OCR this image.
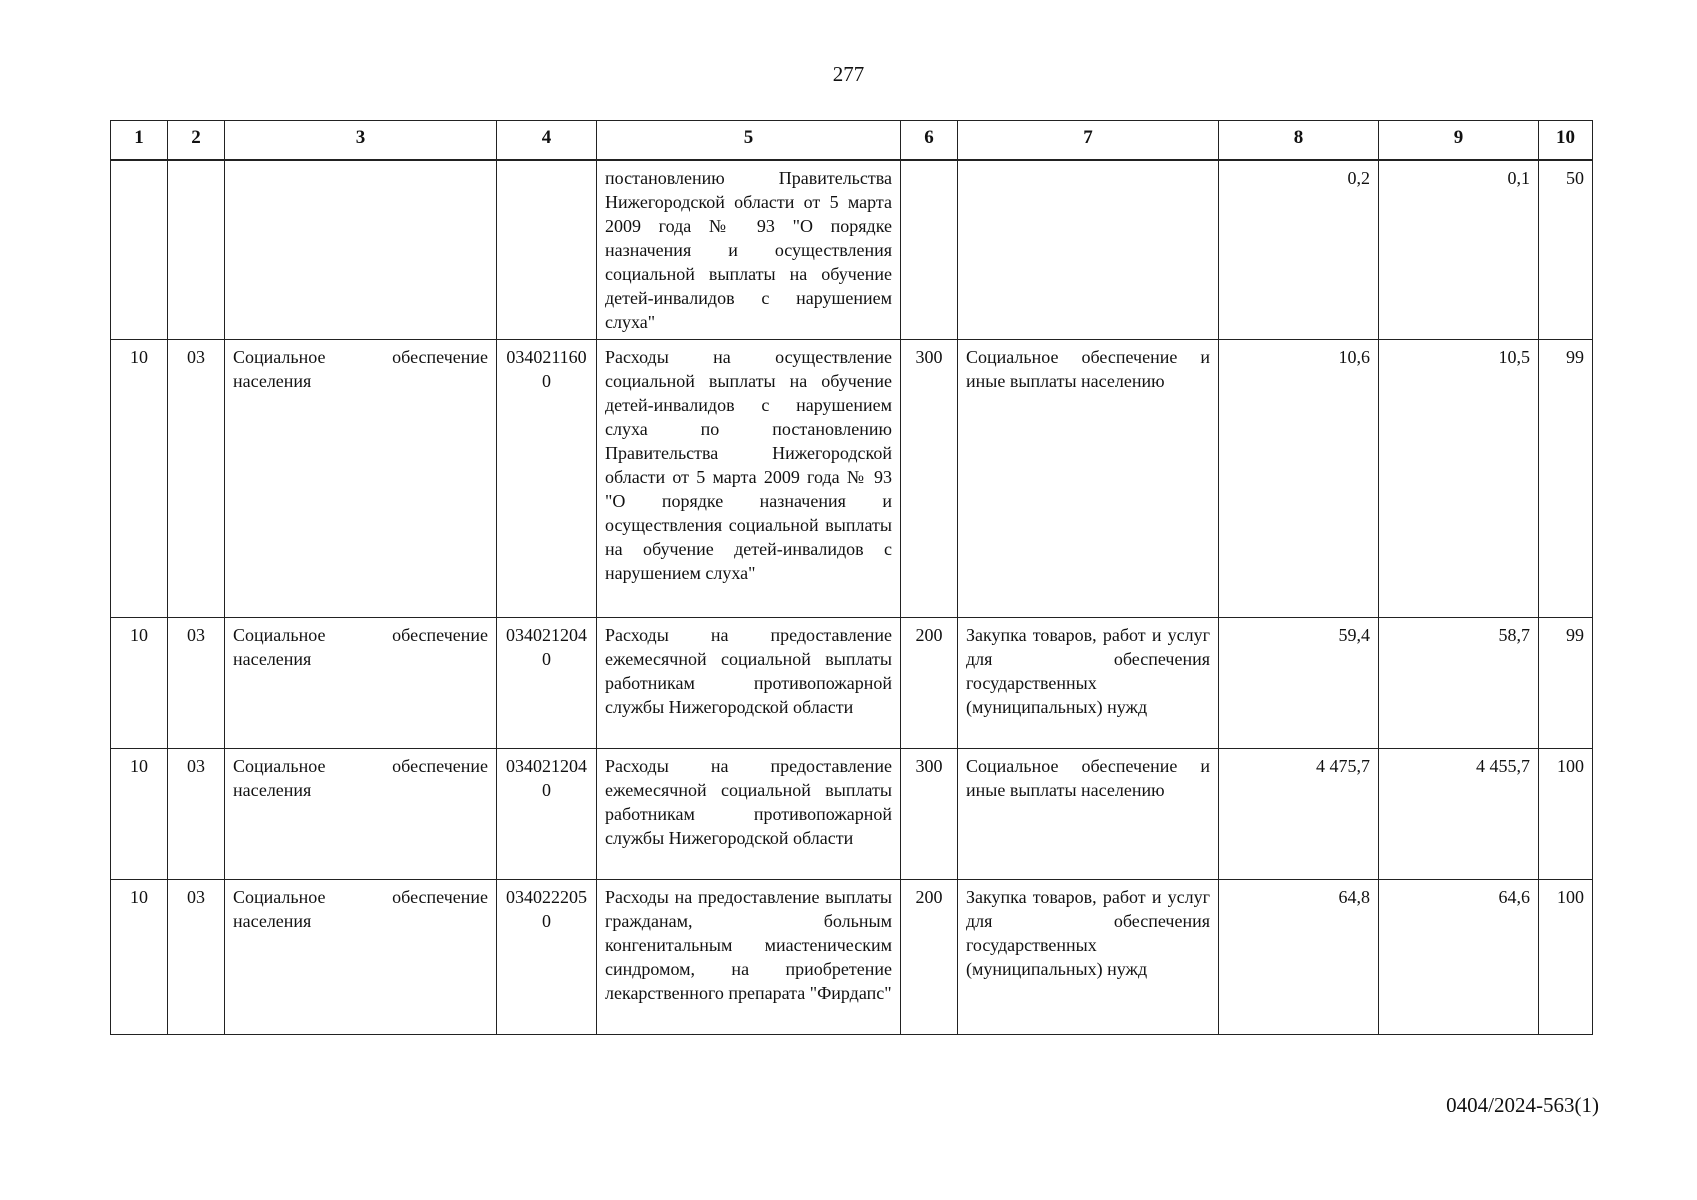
277
1	2	3	4	5	6	7	8	9	10
				постановлению Правительства Нижегородской области от 5 марта 2009 года № 93 "О порядке назначения и осуществления социальной выплаты на обучение детей-инвалидов с нарушением слуха"			0,2	0,1	50
10	03	Социальное обеспечение населения	0340211600	Расходы на осуществление социальной выплаты на обучение детей-инвалидов с нарушением слуха по постановлению Правительства Нижегородской области от 5 марта 2009 года № 93 "О порядке назначения и осуществления социальной выплаты на обучение детей-инвалидов с нарушением слуха"	300	Социальное обеспечение и иные выплаты населению	10,6	10,5	99
10	03	Социальное обеспечение населения	0340212040	Расходы на предоставление ежемесячной социальной выплаты работникам противопожарной службы Нижегородской области	200	Закупка товаров, работ и услуг для обеспечения государственных (муниципальных) нужд	59,4	58,7	99
10	03	Социальное обеспечение населения	0340212040	Расходы на предоставление ежемесячной социальной выплаты работникам противопожарной службы Нижегородской области	300	Социальное обеспечение и иные выплаты населению	4 475,7	4 455,7	100
10	03	Социальное обеспечение населения	0340222050	Расходы на предоставление выплаты гражданам, больным конгенитальным миастеническим синдромом, на приобретение лекарственного препарата "Фирдапс"	200	Закупка товаров, работ и услуг для обеспечения государственных (муниципальных) нужд	64,8	64,6	100
0404/2024-563(1)
